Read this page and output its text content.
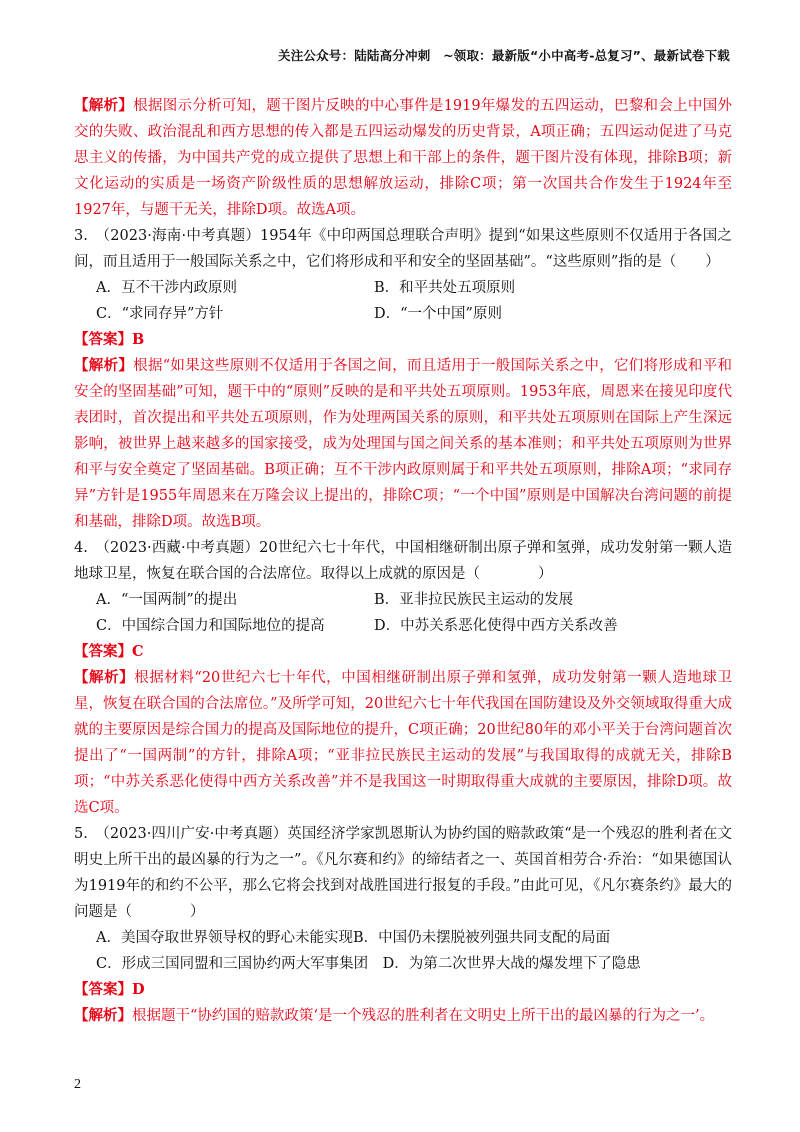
关注公众号：陆陆高分冲刺　~领取：最新版“小中高考-总复习”、最新试卷下载

【解析】根据图示分析可知，题干图片反映的中心事件是1919年爆发的五四运动，巴黎和会上中国外交的失败、政治混乱和西方思想的传入都是五四运动爆发的历史背景，A项正确；五四运动促进了马克思主义的传播，为中国共产党的成立提供了思想上和干部上的条件，题干图片没有体现，排除B项；新文化运动的实质是一场资产阶级性质的思想解放运动，排除C项；第一次国共合作发生于1924年至1927年，与题干无关，排除D项。故选A项。

3.　（2023·海南·中考真题）1954年《中印两国总理联合声明》提到“如果这些原则不仅适用于各国之间，而且适用于一般国际关系之中，它们将形成和平和安全的坚固基础”。“这些原则”指的是（　　）

A．互不干涉内政原则	B．和平共处五项原则
C．“求同存异”方针	D．“一个中国”原则

【答案】B

【解析】根据“如果这些原则不仅适用于各国之间，而且适用于一般国际关系之中，它们将形成和平和安全的坚固基础”可知，题干中的“原则”反映的是和平共处五项原则。1953年底，周恩来在接见印度代表团时，首次提出和平共处五项原则，作为处理两国关系的原则，和平共处五项原则在国际上产生深远影响，被世界上越来越多的国家接受，成为处理国与国之间关系的基本准则；和平共处五项原则为世界和平与安全奠定了坚固基础。B项正确；互不干涉内政原则属于和平共处五项原则，排除A项；“求同存异”方针是1955年周恩来在万隆会议上提出的，排除C项；“一个中国”原则是中国解决台湾问题的前提和基础，排除D项。故选B项。

4.　（2023·西藏·中考真题）20世纪六七十年代，中国相继研制出原子弹和氢弹，成功发射第一颗人造地球卫星，恢复在联合国的合法席位。取得以上成就的原因是（　　　　）

A．“一国两制”的提出	B．亚非拉民族民主运动的发展
C．中国综合国力和国际地位的提高	D．中苏关系恶化使得中西方关系改善

【答案】C

【解析】根据材料“20世纪六七十年代，中国相继研制出原子弹和氢弹，成功发射第一颗人造地球卫星，恢复在联合国的合法席位。”及所学可知，20世纪六七十年代我国在国防建设及外交领域取得重大成就的主要原因是综合国力的提高及国际地位的提升，C项正确；20世纪80年的邓小平关于台湾问题首次提出了“一国两制”的方针，排除A项；“亚非拉民族民主运动的发展”与我国取得的成就无关，排除B项；“中苏关系恶化使得中西方关系改善”并不是我国这一时期取得重大成就的主要原因，排除D项。故选C项。

5.　（2023·四川广安·中考真题）英国经济学家凯恩斯认为协约国的赔款政策“是一个残忍的胜利者在文明史上所干出的最凶暴的行为之一”。《凡尔赛和约》的缔结者之一、英国首相劳合·乔治：“如果德国认为1919年的和约不公平，那么它将会找到对战胜国进行报复的手段。”由此可见，《凡尔赛条约》最大的问题是（　　　　）

A．美国夺取世界领导权的野心未能实现B．中国仍未摆脱被列强共同支配的局面
C．形成三国同盟和三国协约两大军事集团　 D．为第二次世界大战的爆发埋下了隐患

【答案】D

【解析】根据题干“协约国的赔款政策‘是一个残忍的胜利者在文明史上所干出的最凶暴的行为之一’。

2
